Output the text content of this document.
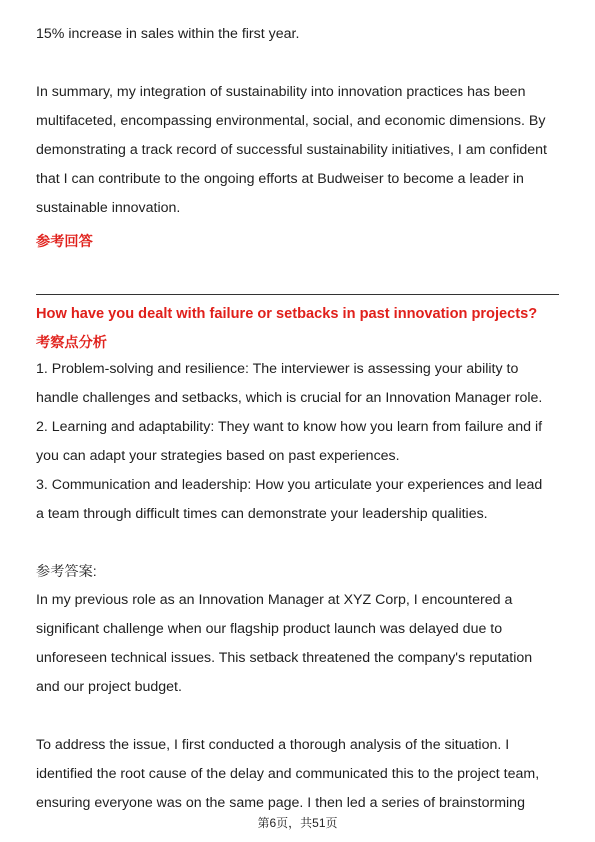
15% increase in sales within the first year.
In summary, my integration of sustainability into innovation practices has been
multifaceted, encompassing environmental, social, and economic dimensions. By
demonstrating a track record of successful sustainability initiatives, I am confident
that I can contribute to the ongoing efforts at Budweiser to become a leader in
sustainable innovation.
参考回答
How have you dealt with failure or setbacks in past innovation projects?
考察点分析
1. Problem-solving and resilience: The interviewer is assessing your ability to
handle challenges and setbacks, which is crucial for an Innovation Manager role.
2. Learning and adaptability: They want to know how you learn from failure and if
you can adapt your strategies based on past experiences.
3. Communication and leadership: How you articulate your experiences and lead
a team through difficult times can demonstrate your leadership qualities.
参考答案:
In my previous role as an Innovation Manager at XYZ Corp, I encountered a
significant challenge when our flagship product launch was delayed due to
unforeseen technical issues. This setback threatened the company's reputation
and our project budget.
To address the issue, I first conducted a thorough analysis of the situation. I
identified the root cause of the delay and communicated this to the project team,
ensuring everyone was on the same page. I then led a series of brainstorming
第6页，共51页
